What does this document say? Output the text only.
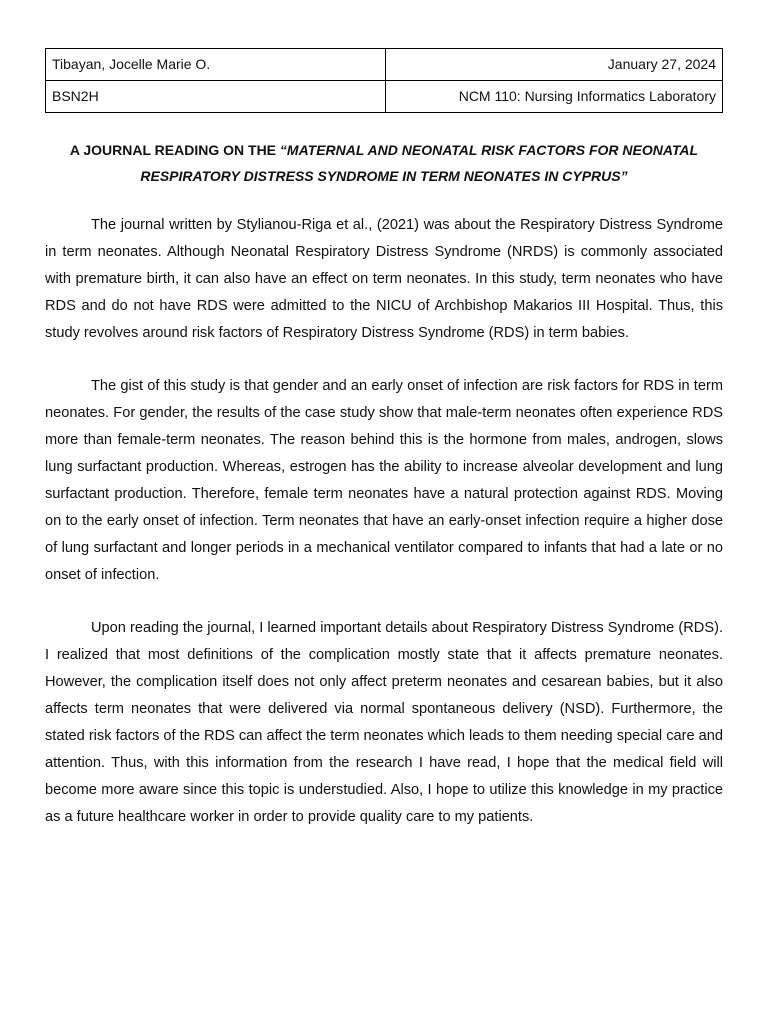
Tibayan, Jocelle Marie O.	January 27, 2024
BSN2H	NCM 110: Nursing Informatics Laboratory
A JOURNAL READING ON THE “MATERNAL AND NEONATAL RISK FACTORS FOR NEONATAL RESPIRATORY DISTRESS SYNDROME IN TERM NEONATES IN CYPRUS”

The journal written by Stylianou-Riga et al., (2021) was about the Respiratory Distress Syndrome in term neonates. Although Neonatal Respiratory Distress Syndrome (NRDS) is commonly associated with premature birth, it can also have an effect on term neonates. In this study, term neonates who have RDS and do not have RDS were admitted to the NICU of Archbishop Makarios III Hospital. Thus, this study revolves around risk factors of Respiratory Distress Syndrome (RDS) in term babies.

The gist of this study is that gender and an early onset of infection are risk factors for RDS in term neonates. For gender, the results of the case study show that male-term neonates often experience RDS more than female-term neonates. The reason behind this is the hormone from males, androgen, slows lung surfactant production. Whereas, estrogen has the ability to increase alveolar development and lung surfactant production. Therefore, female term neonates have a natural protection against RDS. Moving on to the early onset of infection. Term neonates that have an early-onset infection require a higher dose of lung surfactant and longer periods in a mechanical ventilator compared to infants that had a late or no onset of infection.

Upon reading the journal, I learned important details about Respiratory Distress Syndrome (RDS). I realized that most definitions of the complication mostly state that it affects premature neonates. However, the complication itself does not only affect preterm neonates and cesarean babies, but it also affects term neonates that were delivered via normal spontaneous delivery (NSD). Furthermore, the stated risk factors of the RDS can affect the term neonates which leads to them needing special care and attention. Thus, with this information from the research I have read, I hope that the medical field will become more aware since this topic is understudied. Also, I hope to utilize this knowledge in my practice as a future healthcare worker in order to provide quality care to my patients.
